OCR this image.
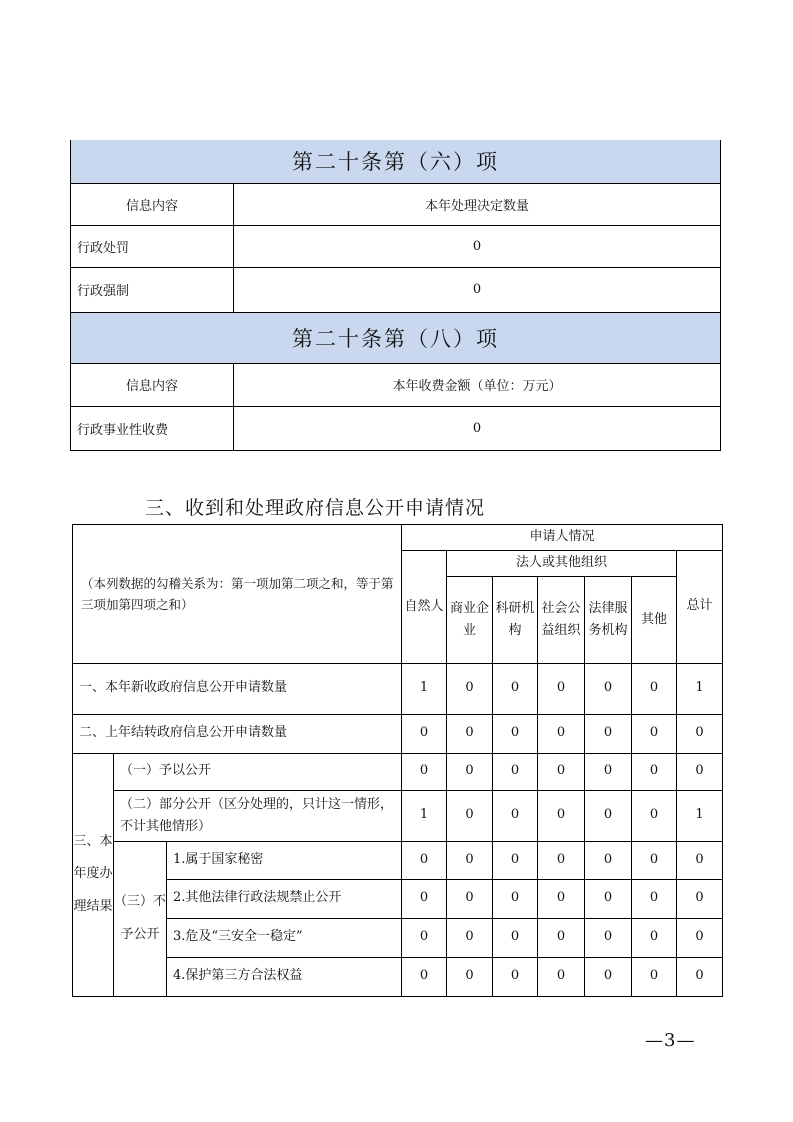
第二十条第（六）项	
信息内容	本年处理决定数量
行政处罚	0
行政强制	0
第二十条第（八）项	
信息内容	本年收费金额（单位：万元）
行政事业性收费	0
三、收到和处理政府信息公开申请情况
（本列数据的勾稽关系为：第一项加第二项之和，等于第三项加第四项之和）			申请人情况						
			自然人	法人或其他组织					总计
				商业企业	科研机构	社会公益组织	法律服务机构	其他	
一、本年新收政府信息公开申请数量			1	0	0	0	0	0	1
二、上年结转政府信息公开申请数量			0	0	0	0	0	0	0
三、本年度办理结果	（一）予以公开		0	0	0	0	0	0	0
	（二）部分公开（区分处理的，只计这一情形，不计其他情形）		1	0	0	0	0	0	1
	（三）不予公开	1.属于国家秘密	0	0	0	0	0	0	0
		2.其他法律行政法规禁止公开	0	0	0	0	0	0	0
		3.危及“三安全一稳定”	0	0	0	0	0	0	0
		4.保护第三方合法权益	0	0	0	0	0	0	0
—3—
